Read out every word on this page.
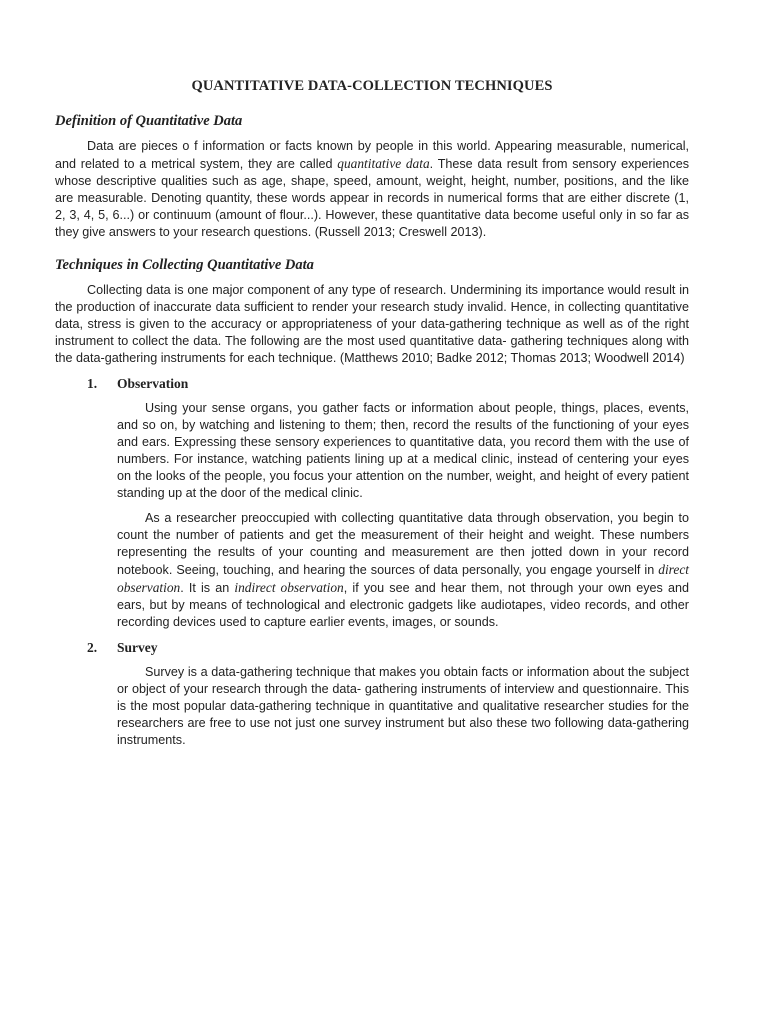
QUANTITATIVE DATA-COLLECTION TECHNIQUES
Definition of Quantitative Data

Data are pieces o f information or facts known by people in this world. Appearing measurable, numerical, and related to a metrical system, they are called quantitative data. These data result from sensory experiences whose descriptive qualities such as age, shape, speed, amount, weight, height, number, positions, and the like are measurable. Denoting quantity, these words appear in records in numerical forms that are either discrete (1, 2, 3, 4, 5, 6...) or continuum (amount of flour...). However, these quantitative data become useful only in so far as they give answers to your research questions. (Russell 2013; Creswell 2013).

Techniques in Collecting Quantitative Data

Collecting data is one major component of any type of research. Undermining its importance would result in the production of inaccurate data sufficient to render your research study invalid. Hence, in collecting quantitative data, stress is given to the accuracy or appropriateness of your data-gathering technique as well as of the right instrument to collect the data. The following are the most used quantitative data- gathering techniques along with the data-gathering instruments for each technique. (Matthews 2010; Badke 2012; Thomas 2013; Woodwell 2014)

1.	Observation

Using your sense organs, you gather facts or information about people, things, places, events, and so on, by watching and listening to them; then, record the results of the functioning of your eyes and ears. Expressing these sensory experiences to quantitative data, you record them with the use of numbers. For instance, watching patients lining up at a medical clinic, instead of centering your eyes on the looks of the people, you focus your attention on the number, weight, and height of every patient standing up at the door of the medical clinic.

As a researcher preoccupied with collecting quantitative data through observation, you begin to count the number of patients and get the measurement of their height and weight. These numbers representing the results of your counting and measurement are then jotted down in your record notebook. Seeing, touching, and hearing the sources of data personally, you engage yourself in direct observation. It is an indirect observation, if you see and hear them, not through your own eyes and ears, but by means of technological and electronic gadgets like audiotapes, video records, and other recording devices used to capture earlier events, images, or sounds.

2.	Survey

Survey is a data-gathering technique that makes you obtain facts or information about the subject or object of your research through the data- gathering instruments of interview and questionnaire. This is the most popular data-gathering technique in quantitative and qualitative researcher studies for the researchers are free to use not just one survey instrument but also these two following data-gathering instruments.
